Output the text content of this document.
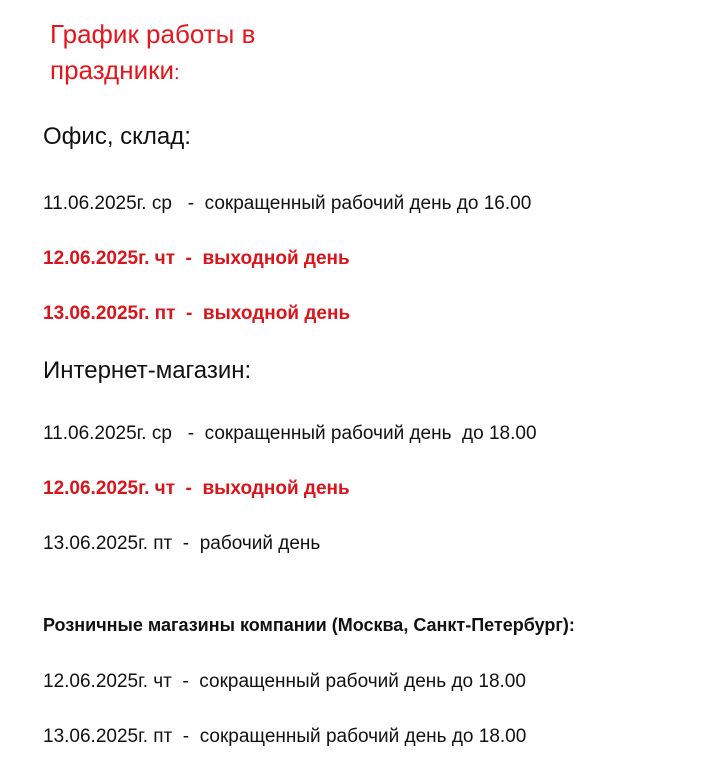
График работы в
праздники:
Офис, склад:
11.06.2025г. ср   -  сокращенный рабочий день до 16.00
12.06.2025г. чт  -  выходной день
13.06.2025г. пт  -  выходной день
Интернет-магазин:
11.06.2025г. ср   -  сокращенный рабочий день  до 18.00
12.06.2025г. чт  -  выходной день
13.06.2025г. пт  -  рабочий день
Розничные магазины компании (Москва, Санкт-Петербург):
12.06.2025г. чт  -  сокращенный рабочий день до 18.00
13.06.2025г. пт  -  сокращенный рабочий день до 18.00
